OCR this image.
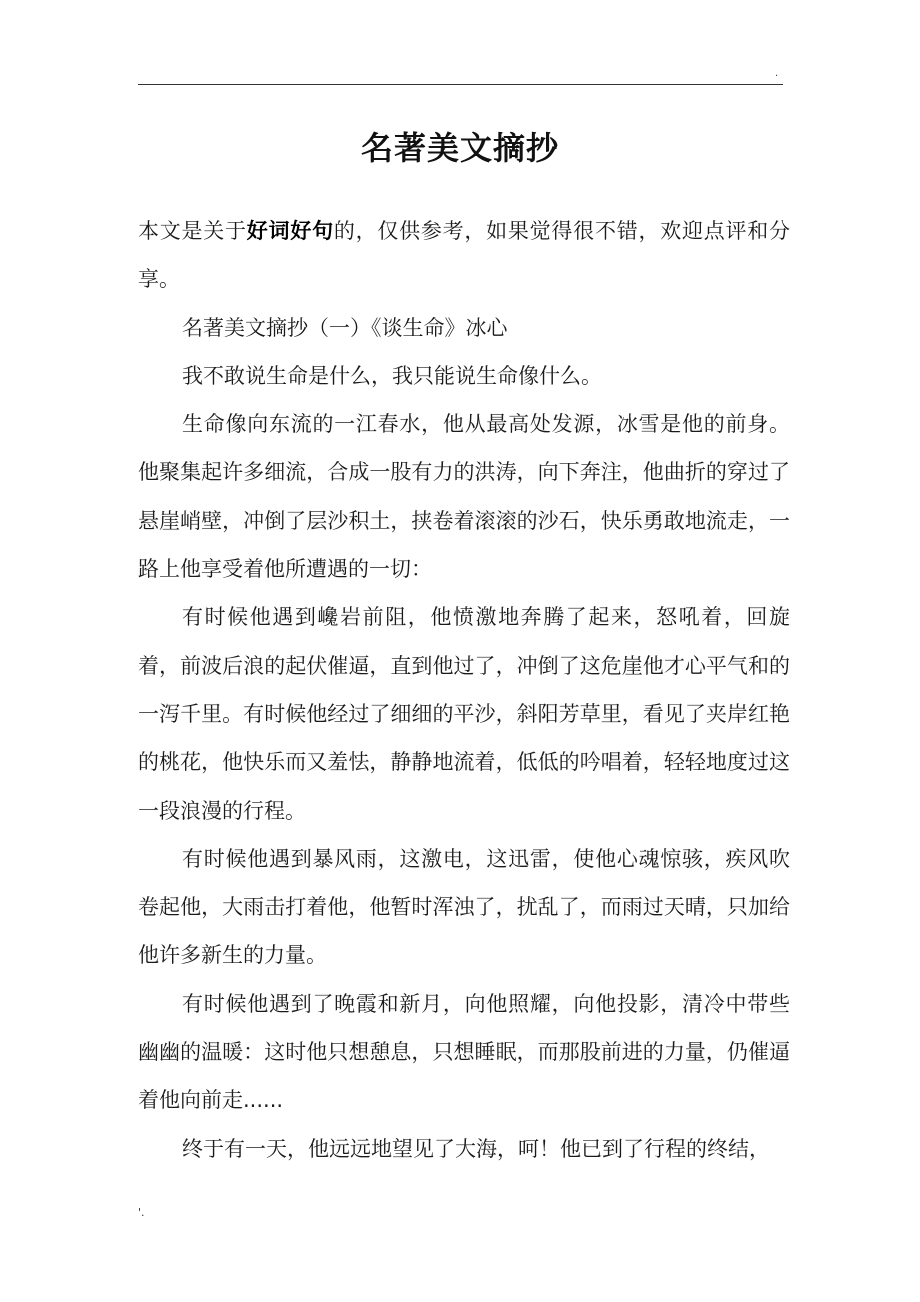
.
名著美文摘抄

本文是关于好词好句的，仅供参考，如果觉得很不错，欢迎点评和分享。

名著美文摘抄（一）《谈生命》冰心

我不敢说生命是什么，我只能说生命像什么。

生命像向东流的一江春水，他从最高处发源，冰雪是他的前身。他聚集起许多细流，合成一股有力的洪涛，向下奔注，他曲折的穿过了悬崖峭壁，冲倒了层沙积土，挟卷着滚滚的沙石，快乐勇敢地流走，一路上他享受着他所遭遇的一切：

有时候他遇到巉岩前阻，他愤激地奔腾了起来，怒吼着，回旋着，前波后浪的起伏催逼，直到他过了，冲倒了这危崖他才心平气和的一泻千里。有时候他经过了细细的平沙，斜阳芳草里，看见了夹岸红艳的桃花，他快乐而又羞怯，静静地流着，低低的吟唱着，轻轻地度过这一段浪漫的行程。

有时候他遇到暴风雨，这激电，这迅雷，使他心魂惊骇，疾风吹卷起他，大雨击打着他，他暂时浑浊了，扰乱了，而雨过天晴，只加给他许多新生的力量。

有时候他遇到了晚霞和新月，向他照耀，向他投影，清冷中带些幽幽的温暖：这时他只想憩息，只想睡眠，而那股前进的力量，仍催逼着他向前走......

终于有一天，他远远地望见了大海，呵！他已到了行程的终结，

'.
